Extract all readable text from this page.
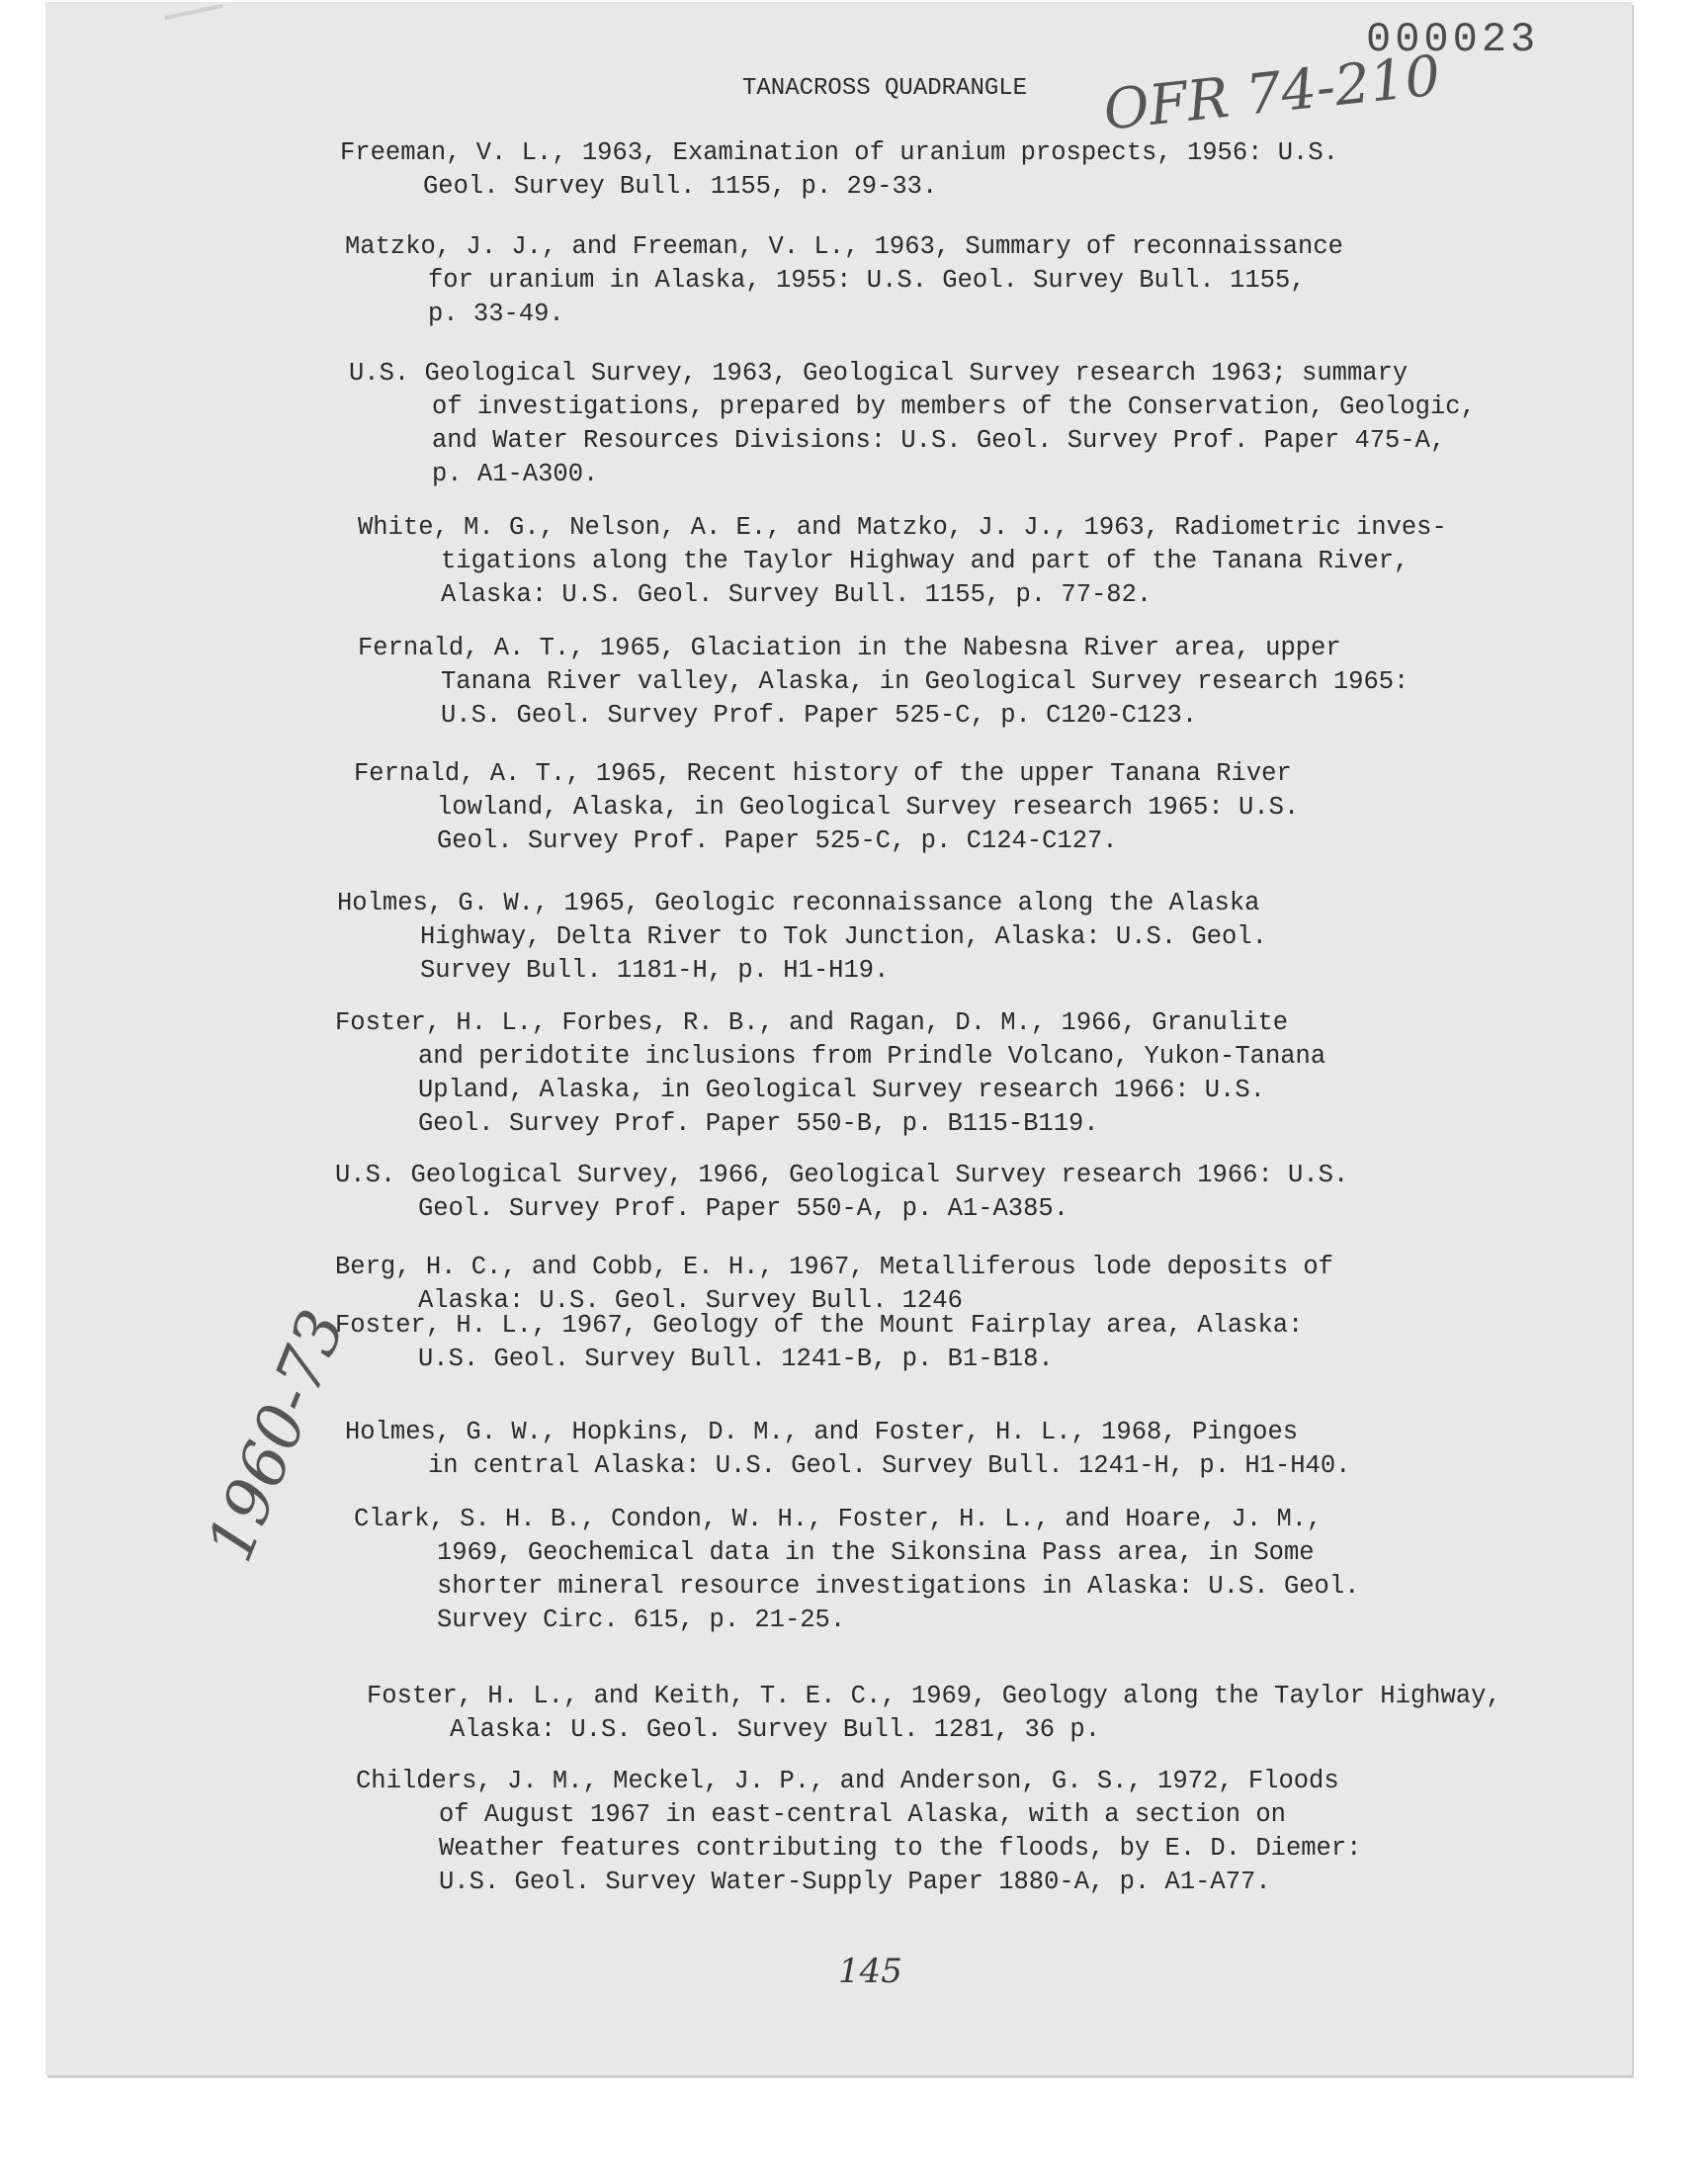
000023
TANACROSS QUADRANGLE OFR 74-210
1960-73
Freeman, V. L., 1963, Examination of uranium prospects, 1956: U.S.
Geol. Survey Bull. 1155, p. 29-33.
Matzko, J. J., and Freeman, V. L., 1963, Summary of reconnaissance
for uranium in Alaska, 1955: U.S. Geol. Survey Bull. 1155,
p. 33-49.
U.S. Geological Survey, 1963, Geological Survey research 1963; summary
of investigations, prepared by members of the Conservation, Geologic,
and Water Resources Divisions: U.S. Geol. Survey Prof. Paper 475-A,
p. A1-A300.
White, M. G., Nelson, A. E., and Matzko, J. J., 1963, Radiometric inves-
tigations along the Taylor Highway and part of the Tanana River,
Alaska: U.S. Geol. Survey Bull. 1155, p. 77-82.
Fernald, A. T., 1965, Glaciation in the Nabesna River area, upper
Tanana River valley, Alaska, in Geological Survey research 1965:
U.S. Geol. Survey Prof. Paper 525-C, p. C120-C123.
Fernald, A. T., 1965, Recent history of the upper Tanana River
lowland, Alaska, in Geological Survey research 1965: U.S.
Geol. Survey Prof. Paper 525-C, p. C124-C127.
Holmes, G. W., 1965, Geologic reconnaissance along the Alaska
Highway, Delta River to Tok Junction, Alaska: U.S. Geol.
Survey Bull. 1181-H, p. H1-H19.
Foster, H. L., Forbes, R. B., and Ragan, D. M., 1966, Granulite
and peridotite inclusions from Prindle Volcano, Yukon-Tanana
Upland, Alaska, in Geological Survey research 1966: U.S.
Geol. Survey Prof. Paper 550-B, p. B115-B119.
U.S. Geological Survey, 1966, Geological Survey research 1966: U.S.
Geol. Survey Prof. Paper 550-A, p. A1-A385.
Berg, H. C., and Cobb, E. H., 1967, Metalliferous lode deposits of
Alaska: U.S. Geol. Survey Bull. 1246
Foster, H. L., 1967, Geology of the Mount Fairplay area, Alaska:
U.S. Geol. Survey Bull. 1241-B, p. B1-B18.
Holmes, G. W., Hopkins, D. M., and Foster, H. L., 1968, Pingoes
in central Alaska: U.S. Geol. Survey Bull. 1241-H, p. H1-H40.
Clark, S. H. B., Condon, W. H., Foster, H. L., and Hoare, J. M.,
1969, Geochemical data in the Sikonsina Pass area, in Some
shorter mineral resource investigations in Alaska: U.S. Geol.
Survey Circ. 615, p. 21-25.
Foster, H. L., and Keith, T. E. C., 1969, Geology along the Taylor Highway,
Alaska: U.S. Geol. Survey Bull. 1281, 36 p.
Childers, J. M., Meckel, J. P., and Anderson, G. S., 1972, Floods
of August 1967 in east-central Alaska, with a section on
Weather features contributing to the floods, by E. D. Diemer:
U.S. Geol. Survey Water-Supply Paper 1880-A, p. A1-A77.
145
